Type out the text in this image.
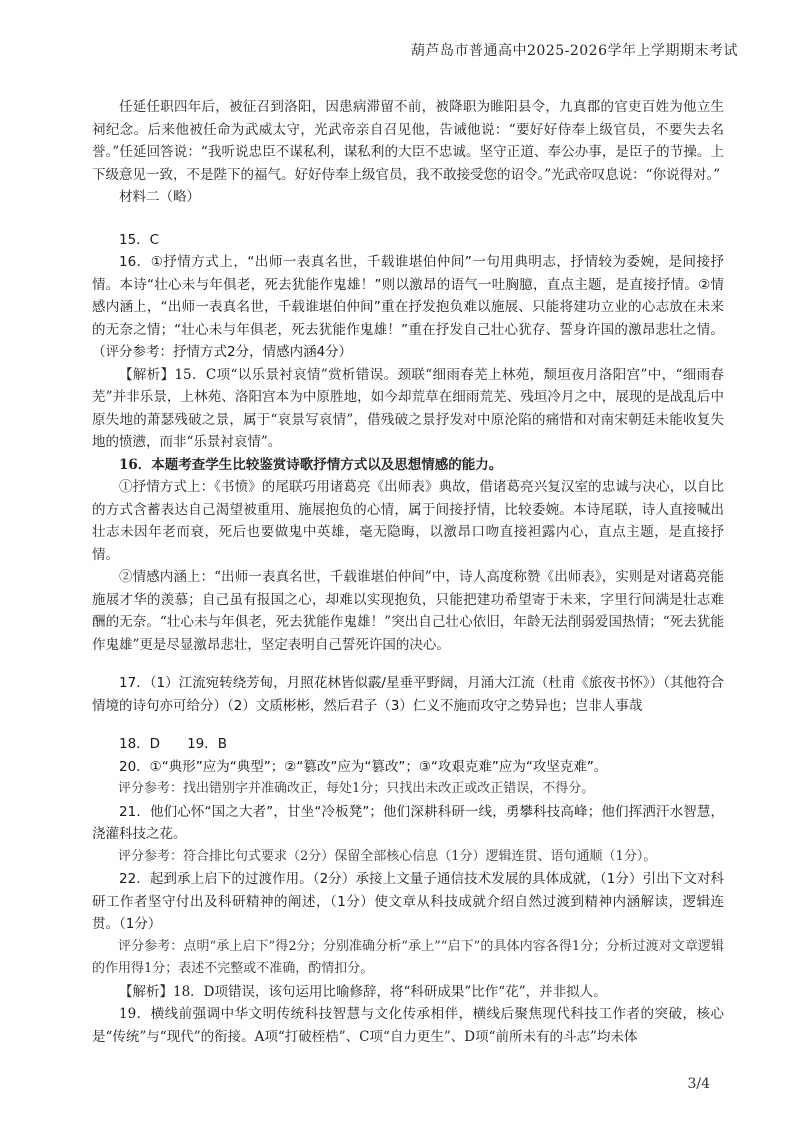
葫芦岛市普通高中2025-2026学年上学期期末考试

任延任职四年后，被征召到洛阳，因患病滞留不前，被降职为睢阳县令，九真郡的官吏百姓为他立生祠纪念。后来他被任命为武威太守，光武帝亲自召见他，告诫他说：“要好好侍奉上级官员，不要失去名誉。”任延回答说：“我听说忠臣不谋私利，谋私利的大臣不忠诚。坚守正道、奉公办事，是臣子的节操。上下级意见一致，不是陛下的福气。好好侍奉上级官员，我不敢接受您的诏令。”光武帝叹息说：“你说得对。”

材料二（略）

15．C

16．①抒情方式上，“出师一表真名世，千载谁堪伯仲间”一句用典明志，抒情较为委婉，是间接抒情。本诗“壮心未与年俱老，死去犹能作鬼雄！”则以激昂的语气一吐胸臆，直点主题，是直接抒情。②情感内涵上，“出师一表真名世，千载谁堪伯仲间”重在抒发抱负难以施展、只能将建功立业的心志放在未来的无奈之情；“壮心未与年俱老，死去犹能作鬼雄！”重在抒发自己壮心犹存、誓身许国的激昂悲壮之情。（评分参考：抒情方式2分，情感内涵4分）

【解析】15．C项“以乐景衬哀情”赏析错误。颈联“细雨春芜上林苑，颓垣夜月洛阳宫”中，“细雨春芜”并非乐景，上林苑、洛阳宫本为中原胜地，如今却荒草在细雨荒芜、残垣冷月之中，展现的是战乱后中原失地的萧瑟残破之景，属于“哀景写哀情”，借残破之景抒发对中原沦陷的痛惜和对南宋朝廷未能收复失地的愤懑，而非“乐景衬哀情”。

16．本题考查学生比较鉴赏诗歌抒情方式以及思想情感的能力。

①抒情方式上：《书愤》的尾联巧用诸葛亮《出师表》典故，借诸葛亮兴复汉室的忠诚与决心，以自比的方式含蓄表达自己渴望被重用、施展抱负的心情，属于间接抒情，比较委婉。本诗尾联，诗人直接喊出壮志未因年老而衰，死后也要做鬼中英雄，毫无隐晦，以激昂口吻直接袒露内心，直点主题，是直接抒情。

②情感内涵上：“出师一表真名世，千载谁堪伯仲间”中，诗人高度称赞《出师表》，实则是对诸葛亮能施展才华的羡慕；自己虽有报国之心，却难以实现抱负，只能把建功希望寄于未来，字里行间满是壮志难酬的无奈。“壮心未与年俱老，死去犹能作鬼雄！”突出自己壮心依旧，年龄无法削弱爱国热情；“死去犹能作鬼雄”更是尽显激昂悲壮，坚定表明自己誓死许国的决心。

17．（1）江流宛转绕芳甸，月照花林皆似霰/星垂平野阔，月涌大江流（杜甫《旅夜书怀》）（其他符合情境的诗句亦可给分）（2）文质彬彬，然后君子（3）仁义不施而攻守之势异也；岂非人事哉

18．D　　19．B

20．①“典形”应为“典型”；②“篡改”应为“篡改”；③“攻艰克难”应为“攻坚克难”。

评分参考：找出错别字并准确改正，每处1分；只找出未改正或改正错误，不得分。

21．他们心怀“国之大者”，甘坐“冷板凳”；他们深耕科研一线，勇攀科技高峰；他们挥洒汗水智慧，浇灌科技之花。

评分参考：符合排比句式要求（2分）保留全部核心信息（1分）逻辑连贯、语句通顺（1分）。

22．起到承上启下的过渡作用。（2分）承接上文量子通信技术发展的具体成就，（1分）引出下文对科研工作者坚守付出及科研精神的阐述，（1分）使文章从科技成就介绍自然过渡到精神内涵解读，逻辑连贯。（1分）

评分参考：点明“承上启下”得2分；分别准确分析“承上”“启下”的具体内容各得1分；分析过渡对文章逻辑的作用得1分；表述不完整或不准确，酌情扣分。

【解析】18．D项错误，该句运用比喻修辞，将“科研成果”比作“花”，并非拟人。

19．横线前强调中华文明传统科技智慧与文化传承相伴，横线后聚焦现代科技工作者的突破，核心是“传统”与“现代”的衔接。A项“打破桎梏”、C项“自力更生”、D项“前所未有的斗志”均未体

3/4
